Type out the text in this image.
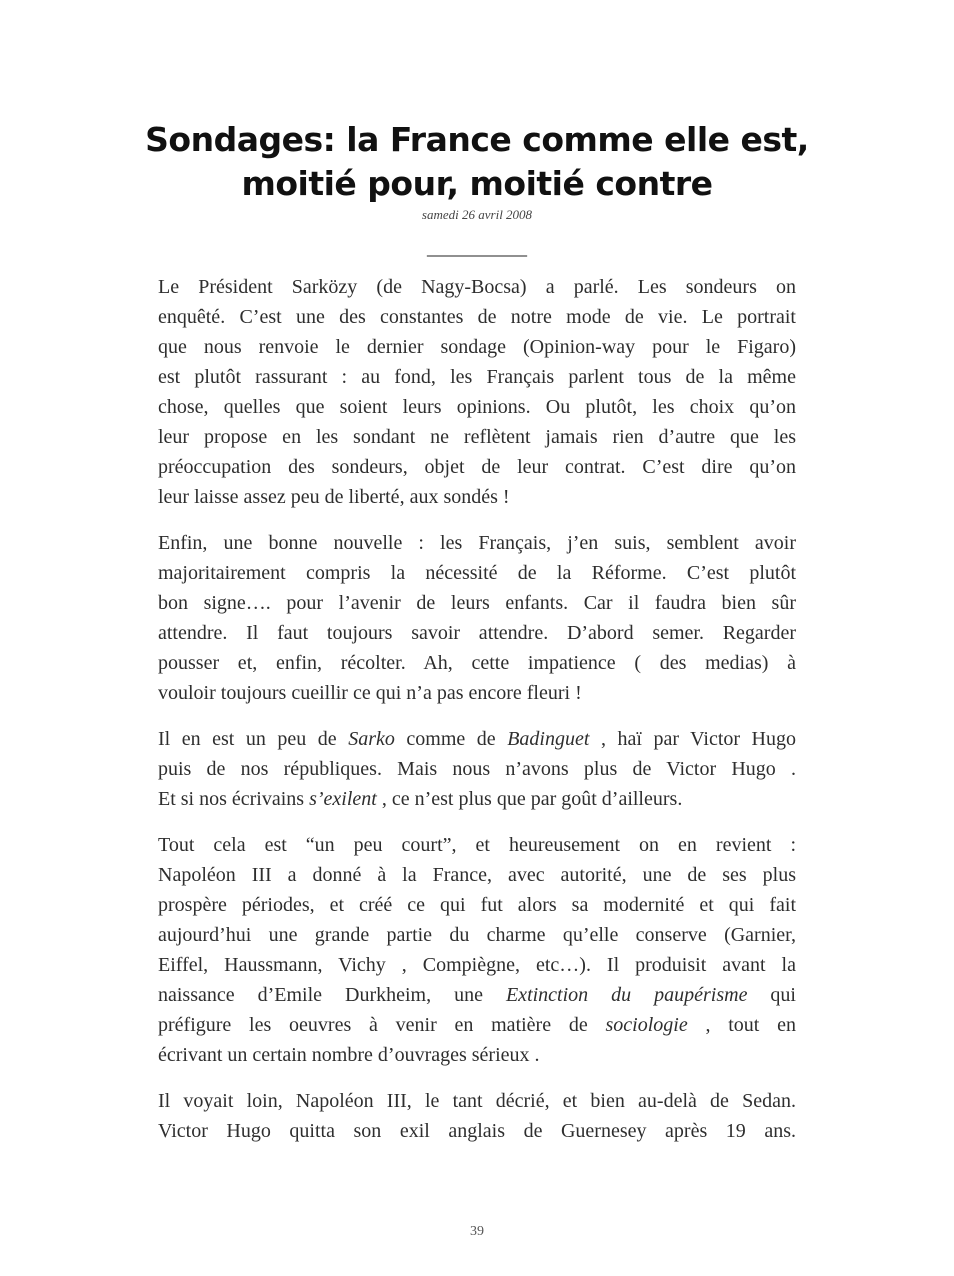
Sondages: la France comme elle est,
moitié pour, moitié contre
samedi 26 avril 2008
__________
Le Président Sarközy (de Nagy-Bocsa) a parlé. Les sondeurs on
enquêté. C’est une des constantes de notre mode de vie. Le portrait
que nous renvoie le dernier sondage (Opinion-way pour le Figaro)
est plutôt rassurant : au fond, les Français parlent tous de la même
chose, quelles que soient leurs opinions. Ou plutôt, les choix qu’on
leur propose en les sondant ne reflètent jamais rien d’autre que les
préoccupation des sondeurs, objet de leur contrat. C’est dire qu’on
leur laisse assez peu de liberté, aux sondés !
Enfin, une bonne nouvelle : les Français, j’en suis, semblent avoir
majoritairement compris la nécessité de la Réforme. C’est plutôt
bon signe…. pour l’avenir de leurs enfants. Car il faudra bien sûr
attendre. Il faut toujours savoir attendre. D’abord semer. Regarder
pousser et, enfin, récolter. Ah, cette impatience ( des medias) à
vouloir toujours cueillir ce qui n’a pas encore fleuri !
Il en est un peu de Sarko comme de Badinguet , haï par Victor Hugo
puis de nos républiques. Mais nous n’avons plus de Victor Hugo .
Et si nos écrivains s’exilent , ce n’est plus que par goût d’ailleurs.
Tout cela est “un peu court”, et heureusement on en revient :
Napoléon III a donné à la France, avec autorité, une de ses plus
prospère périodes, et créé ce qui fut alors sa modernité et qui fait
aujourd’hui une grande partie du charme qu’elle conserve (Garnier,
Eiffel, Haussmann, Vichy , Compiègne, etc…). Il produisit avant la
naissance d’Emile Durkheim, une Extinction du paupérisme qui
préfigure les oeuvres à venir en matière de sociologie , tout en
écrivant un certain nombre d’ouvrages sérieux .
Il voyait loin, Napoléon III, le tant décrié, et bien au-delà de Sedan.
Victor Hugo quitta son exil anglais de Guernesey après 19 ans.
39
